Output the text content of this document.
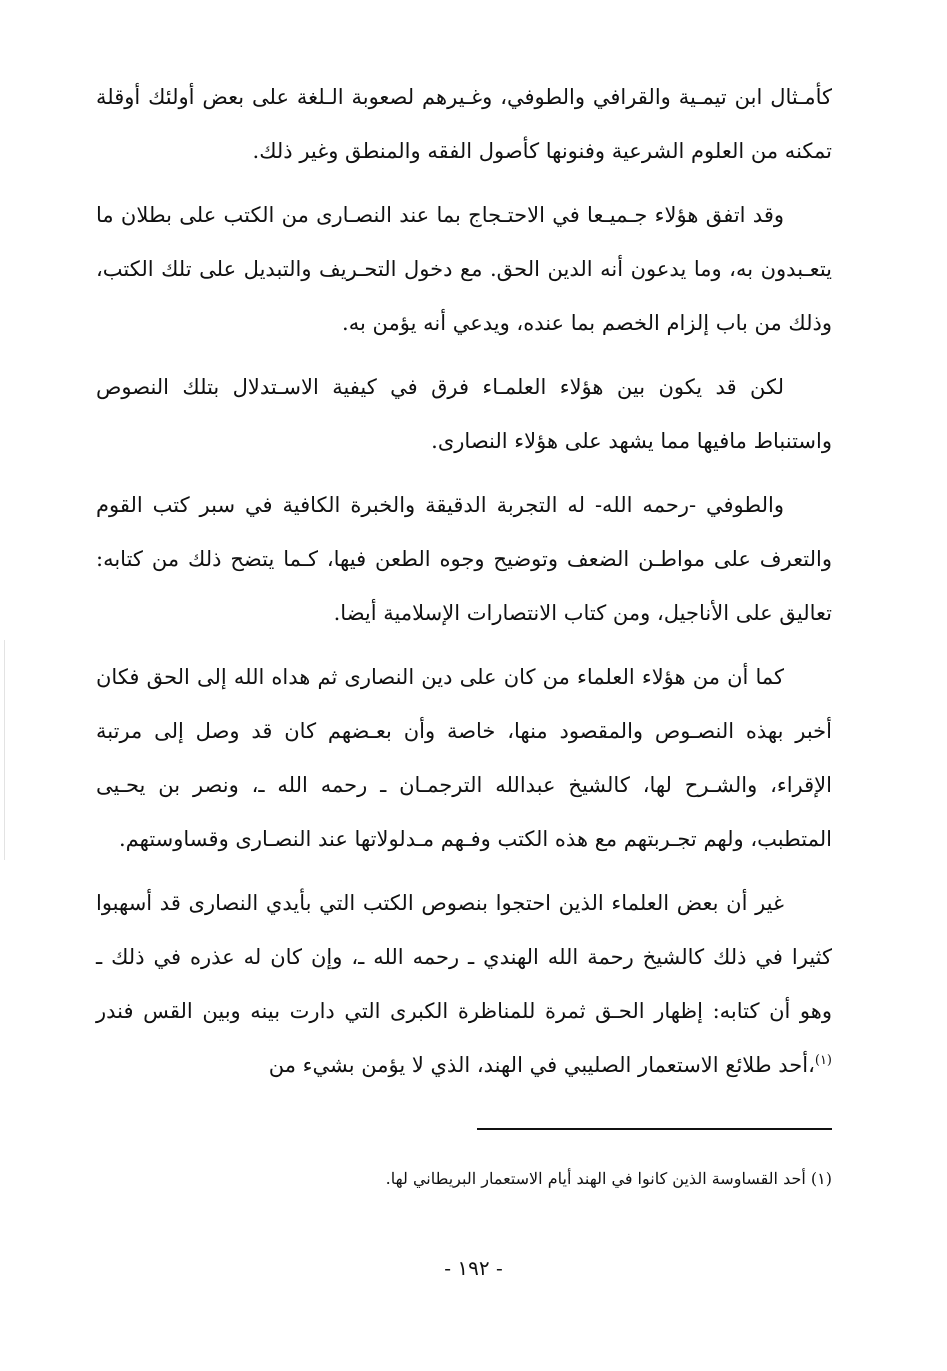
كأمـثال ابن تيمـية والقرافي والطوفي، وغـيرهم لصعوبة الـلغة على بعض أولئك أوقلة تمكنه من العلوم الشرعية وفنونها كأصول الفقه والمنطق وغير ذلك.

وقد اتفق هؤلاء جـميـعا في الاحتـجاج بما عند النصـارى من الكتب على بطلان ما يتعـبدون به، وما يدعون أنه الدين الحق. مع دخول التحـريف والتبديل على تلك الكتب، وذلك من باب إلزام الخصم بما عنده، ويدعي أنه يؤمن به.

لكن قد يكون بين هؤلاء العلمـاء فرق في كيفية الاسـتدلال بتلك النصوص واستنباط مافيها مما يشهد على هؤلاء النصارى.

والطوفي -رحمه الله- له التجربة الدقيقة والخبرة الكافية في سبر كتب القوم والتعرف على مواطـن الضعف وتوضيح وجوه الطعن فيها، كـما يتضح ذلك من كتابه: تعاليق على الأناجيل، ومن كتاب الانتصارات الإسلامية أيضا.

كما أن من هؤلاء العلماء من كان على دين النصارى ثم هداه الله إلى الحق فكان أخبر بهذه النصـوص والمقصود منها، خاصة وأن بعـضهم كان قد وصل إلى مرتبة الإقراء، والشـرح لها، كالشيخ عبدالله الترجمـان ـ رحمه الله ـ، ونصر بن يحـيى المتطبب، ولهم تجـربتهم مع هذه الكتب وفـهم مـدلولاتها عند النصـارى وقساوستهم.

غير أن بعض العلماء الذين احتجوا بنصوص الكتب التي بأيدي النصارى قد أسهبوا كثيرا في ذلك كالشيخ رحمة الله الهندي ـ رحمه الله ـ، وإن كان له عذره في ذلك ـ وهو أن كتابه: إظهار الحـق ثمرة للمناظرة الكبرى التي دارت بينه وبين القس فندر $^{(١)}$،أحد طلائع الاستعمار الصليبي في الهند، الذي لا يؤمن بشيء من

(١) أحد القساوسة الذين كانوا في الهند أيام الاستعمار البريطاني لها.
- ١٩٢ -
